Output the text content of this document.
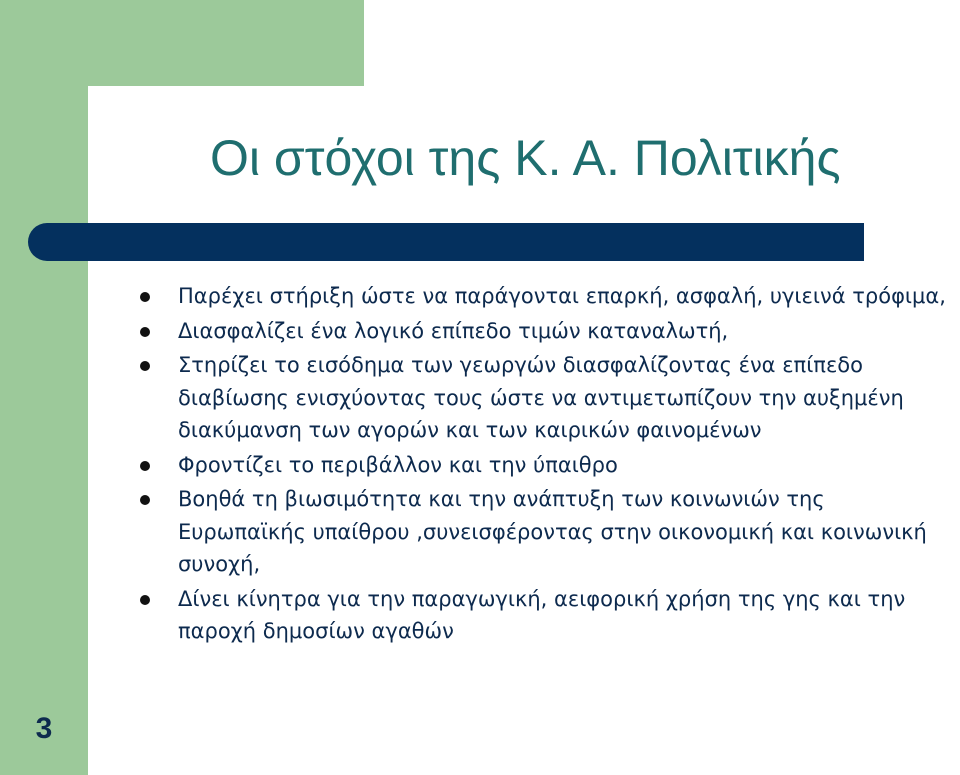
Οι στόχοι της Κ. Α. Πολιτικής
Παρέχει στήριξη ώστε να παράγονται επαρκή, ασφαλή, υγιεινά τρόφιμα,
Διασφαλίζει ένα λογικό επίπεδο τιμών καταναλωτή,
Στηρίζει το εισόδημα των γεωργών διασφαλίζοντας ένα επίπεδο διαβίωσης ενισχύοντας τους ώστε να αντιμετωπίζουν την αυξημένη διακύμανση των αγορών και των καιρικών φαινομένων
Φροντίζει το περιβάλλον και την ύπαιθρο
Βοηθά τη βιωσιμότητα και την ανάπτυξη των κοινωνιών της Ευρωπαϊκής υπαίθρου ,συνεισφέροντας στην οικονομική και κοινωνική συνοχή,
Δίνει κίνητρα για την παραγωγική, αειφορική χρήση της γης και την παροχή δημοσίων αγαθών
3
